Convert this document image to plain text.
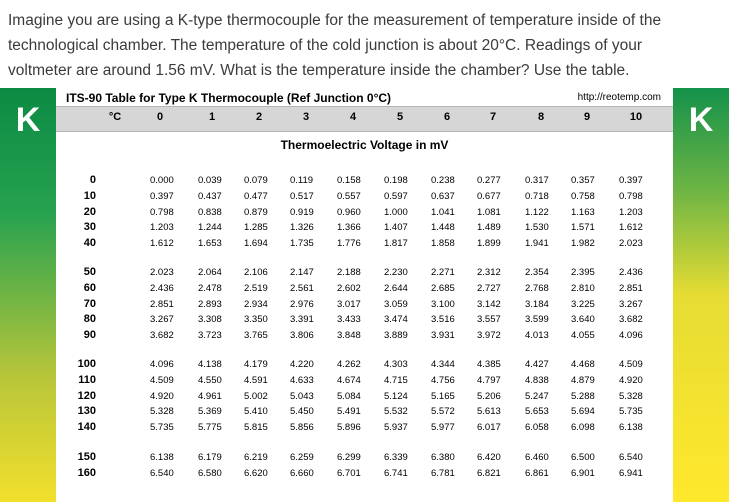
Imagine you are using a K-type thermocouple for the measurement of temperature inside of the

technological chamber. The temperature of the cold junction is about 20°C. Readings of your

voltmeter are around 1.56 mV. What is the temperature inside the chamber? Use the table.

K	K
ITS-90 Table for Type K Thermocouple (Ref Junction 0°C)	http://reotemp.com
°C	0	1	2	3	4	5	6	7	8	9	10
Thermoelectric Voltage in mV
0	0.000	0.039	0.079	0.119	0.158	0.198	0.238	0.277	0.317	0.357	0.397
10	0.397	0.437	0.477	0.517	0.557	0.597	0.637	0.677	0.718	0.758	0.798
20	0.798	0.838	0.879	0.919	0.960	1.000	1.041	1.081	1.122	1.163	1.203
30	1.203	1.244	1.285	1.326	1.366	1.407	1.448	1.489	1.530	1.571	1.612
40	1.612	1.653	1.694	1.735	1.776	1.817	1.858	1.899	1.941	1.982	2.023
50	2.023	2.064	2.106	2.147	2.188	2.230	2.271	2.312	2.354	2.395	2.436
60	2.436	2.478	2.519	2.561	2.602	2.644	2.685	2.727	2.768	2.810	2.851
70	2.851	2.893	2.934	2.976	3.017	3.059	3.100	3.142	3.184	3.225	3.267
80	3.267	3.308	3.350	3.391	3.433	3.474	3.516	3.557	3.599	3.640	3.682
90	3.682	3.723	3.765	3.806	3.848	3.889	3.931	3.972	4.013	4.055	4.096
100	4.096	4.138	4.179	4.220	4.262	4.303	4.344	4.385	4.427	4.468	4.509
110	4.509	4.550	4.591	4.633	4.674	4.715	4.756	4.797	4.838	4.879	4.920
120	4.920	4.961	5.002	5.043	5.084	5.124	5.165	5.206	5.247	5.288	5.328
130	5.328	5.369	5.410	5.450	5.491	5.532	5.572	5.613	5.653	5.694	5.735
140	5.735	5.775	5.815	5.856	5.896	5.937	5.977	6.017	6.058	6.098	6.138
150	6.138	6.179	6.219	6.259	6.299	6.339	6.380	6.420	6.460	6.500	6.540
160	6.540	6.580	6.620	6.660	6.701	6.741	6.781	6.821	6.861	6.901	6.941
